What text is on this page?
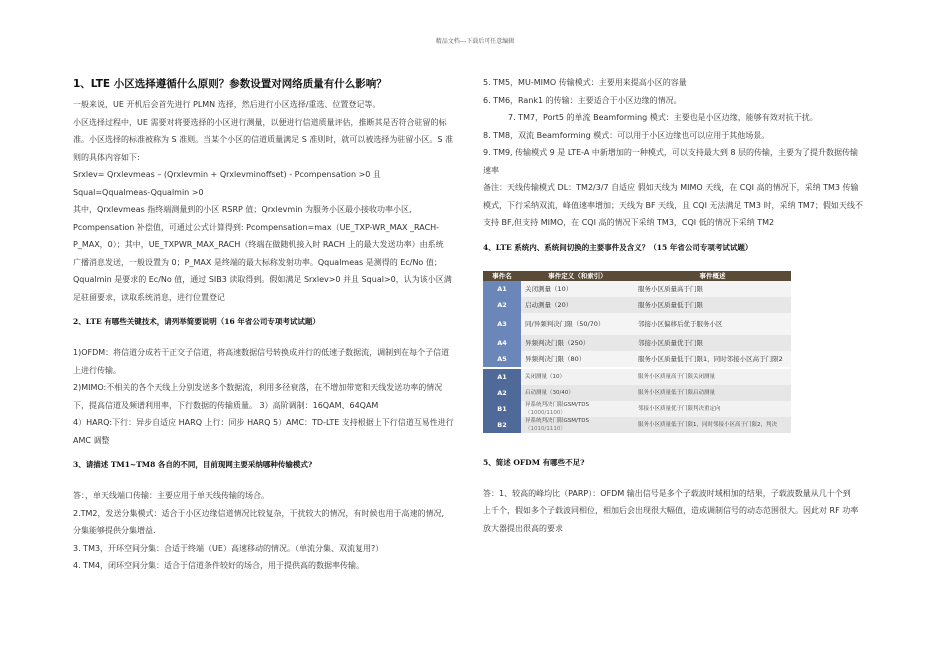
精品文档---下载后可任意编辑
1、LTE 小区选择遵循什么原则？参数设置对网络质量有什么影响？

一般来说，UE 开机后会首先进行 PLMN 选择，然后进行小区选择/重选、位置登记等。

小区选择过程中，UE 需要对将要选择的小区进行测量，以便进行信道质量评估，推断其是否符合驻留的标

准。小区选择的标准被称为 S 准则。当某个小区的信道质量满足 S 准则时，就可以被选择为驻留小区。S 准

则的具体内容如下:

Srxlev= Qrxlevmeas – (Qrxlevmin + Qrxlevminoffset) - Pcompensation >0 且

Squal=Qqualmeas-Qqualmin >0

其中，Qrxlevmeas 指终端测量到的小区 RSRP 值；Qrxlevmin 为服务小区最小接收功率小区,

Pcompensation 补偿值，可通过公式计算得到: Pcompensation=max（UE_TXP-WR_MAX _RACH-

P_MAX，0）；其中，UE_TXPWR_MAX_RACH（终端在做随机接入时 RACH 上的最大发送功率）由系统

广播消息发送，一般设置为 0；P_MAX 是终端的最大标称发射功率。Qqualmeas 是测得的 Ec/No 值；

Qqualmin 是要求的 Ec/No 值，通过 SIB3 读取得到。假如满足 Srxlev>0 并且 Squal>0，认为该小区满

足驻留要求，读取系统消息，进行位置登记

2、LTE 有哪些关键技术，请列举简要说明（16 年省公司专项考试试题）

1)OFDM：将信道分成若干正交子信道，将高速数据信号转换成并行的低速子数据流，调制到在每个子信道

上进行传输。

2)MIMO:不相关的各个天线上分别发送多个数据流，利用多径衰落，在不增加带宽和天线发送功率的情况

下，提高信道及频谱利用率，下行数据的传输质量。 3）高阶调制：16QAM、64QAM

4）HARQ:下行：异步自适应 HARQ 上行：同步 HARQ 5）AMC：TD-LTE 支持根据上下行信道互易性进行

AMC 调整

3、请描述 TM1~TM8 各自的不同，目前现网主要采纳哪种传输模式?

答：，单天线端口传输：主要应用于单天线传输的场合。

2.TM2，发送分集模式：适合于小区边缘信道情况比较复杂，干扰较大的情况，有时候也用于高速的情况,

分集能够提供分集增益.

3. TM3，开环空间分集：合适于终端（UE）高速移动的情况。（单流分集、双流复用?）

4. TM4，闭环空间分集：适合于信道条件较好的场合，用于提供高的数据率传输。

5. TM5，MU-MIMO 传输模式：主要用来提高小区的容量

6. TM6，Rank1 的传输：主要适合于小区边缘的情况。

7. TM7，Port5 的单流 Beamforming 模式：主要也是小区边缘，能够有效对抗干扰。

8. TM8，双流 Beamforming 模式：可以用于小区边缘也可以应用于其他场景。

9. TM9, 传输模式 9 是 LTE-A 中新增加的一种模式，可以支持最大到 8 层的传输，主要为了提升数据传输

速率

备注：天线传输模式 DL：TM2/3/7 自适应 假如天线为 MIMO 天线，在 CQI 高的情况下，采纳 TM3 传输

模式，下行采纳双流，峰值速率增加；天线为 BF 天线，且 CQI 无法满足 TM3 时，采纳 TM7；假如天线不

支持 BF,但支持 MIMO，在 CQI 高的情况下采纳 TM3，CQI 低的情况下采纳 TM2

4、LTE 系统内、系统间切换的主要事件及含义？（15 年省公司专项考试试题）
事件名	事件定义（和索引）	事件概述
A1	关闭测量（10）	服务小区质量高于门限
A2	启动测量（20）	服务小区质量低于门限
A3	同/异频判决门限（50/70）	邻接小区偏移后优于服务小区
A4	异频判决门限（250）	邻接小区质量优于门限
A5	异频判决门限（80）	服务小区质量低于门限1，同时邻接小区高于门限2
A1	关闭测量（10）	服务小区质量高于门限关闭测量
A2	启动测量（30/40）	服务小区质量低于门限启动测量
B1	异系统判决门限GSM/TDS
（1000/1100）	邻接小区质量优于门限判决重定向
B2	异系统判决门限GSM/TDS
（1010/1110）	服务小区质量低于门限1，同时邻接小区高于门限2，判决
5、简述 OFDM 有哪些不足?

答：1、较高的峰均比（PARP）：OFDM 输出信号是多个子载波时域相加的结果，子载波数量从几十个到

上千个，假如多个子载波同相位，相加后会出现很大幅值，造成调制信号的动态范围很大。因此对 RF 功率

放大器提出很高的要求
